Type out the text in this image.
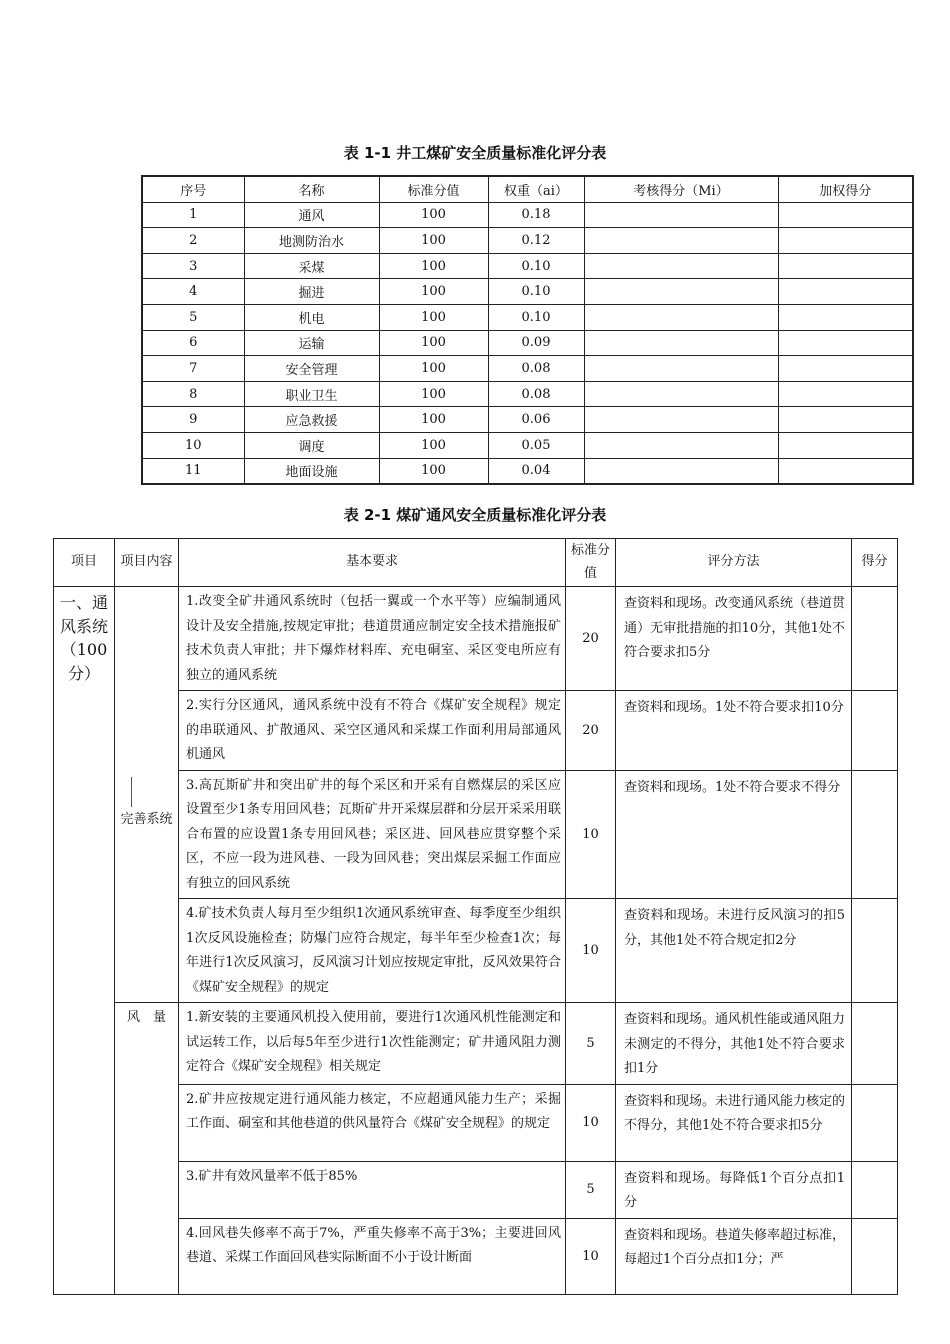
表 1-1 井工煤矿安全质量标准化评分表
序号	名称	标准分值	权重（ai）	考核得分（Mi）	加权得分
1	通风	100	0.18		
2	地测防治水	100	0.12		
3	采煤	100	0.10		
4	掘进	100	0.10		
5	机电	100	0.10		
6	运输	100	0.09		
7	安全管理	100	0.08		
8	职业卫生	100	0.08		
9	应急救援	100	0.06		
10	调度	100	0.05		
11	地面设施	100	0.04		
表 2-1 煤矿通风安全质量标准化评分表
项目	项目内容	基本要求	标准分值	评分方法	得分
一、通风系统（100分）	完善系统	1.改变全矿井通风系统时（包括一翼或一个水平等）应编制通风设计及安全措施,按规定审批；巷道贯通应制定安全技术措施报矿技术负责人审批；井下爆炸材料库、充电硐室、采区变电所应有独立的通风系统	20	查资料和现场。改变通风系统（巷道贯通）无审批措施的扣10分，其他1处不符合要求扣5分	
		2.实行分区通风，通风系统中没有不符合《煤矿安全规程》规定的串联通风、扩散通风、采空区通风和采煤工作面利用局部通风机通风	20	查资料和现场。1处不符合要求扣10分	
		3.高瓦斯矿井和突出矿井的每个采区和开采有自燃煤层的采区应设置至少1条专用回风巷；瓦斯矿井开采煤层群和分层开采采用联合布置的应设置1条专用回风巷；采区进、回风巷应贯穿整个采区，不应一段为进风巷、一段为回风巷；突出煤层采掘工作面应有独立的回风系统	10	查资料和现场。1处不符合要求不得分	
		4.矿技术负责人每月至少组织1次通风系统审查、每季度至少组织1次反风设施检查；防爆门应符合规定，每半年至少检查1次；每年进行1次反风演习，反风演习计划应按规定审批，反风效果符合《煤矿安全规程》的规定	10	查资料和现场。未进行反风演习的扣5分，其他1处不符合规定扣2分	
	风　量	1.新安装的主要通风机投入使用前，要进行1次通风机性能测定和试运转工作，以后每5年至少进行1次性能测定；矿井通风阻力测定符合《煤矿安全规程》相关规定	5	查资料和现场。通风机性能或通风阻力未测定的不得分，其他1处不符合要求扣1分	
		2.矿井应按规定进行通风能力核定，不应超通风能力生产；采掘工作面、硐室和其他巷道的供风量符合《煤矿安全规程》的规定	10	查资料和现场。未进行通风能力核定的不得分，其他1处不符合要求扣5分	
		3.矿井有效风量率不低于85%	5	查资料和现场。每降低1个百分点扣1分	
		4.回风巷失修率不高于7%，严重失修率不高于3%；主要进回风巷道、采煤工作面回风巷实际断面不小于设计断面	10	查资料和现场。巷道失修率超过标准，每超过1个百分点扣1分；严	
